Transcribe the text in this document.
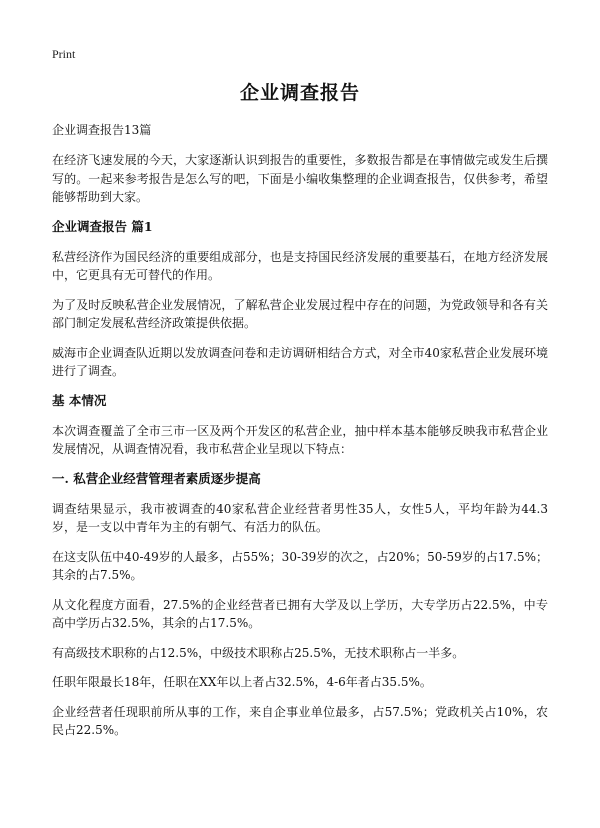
Print
企业调查报告
企业调查报告13篇

在经济飞速发展的今天，大家逐渐认识到报告的重要性，多数报告都是在事情做完或发生后撰写的。一起来参考报告是怎么写的吧，下面是小编收集整理的企业调查报告，仅供参考，希望能够帮助到大家。

企业调查报告 篇1

私营经济作为国民经济的重要组成部分，也是支持国民经济发展的重要基石，在地方经济发展中，它更具有无可替代的作用。

为了及时反映私营企业发展情况，了解私营企业发展过程中存在的问题，为党政领导和各有关部门制定发展私营经济政策提供依据。

威海市企业调查队近期以发放调查问卷和走访调研相结合方式，对全市40家私营企业发展环境进行了调查。

基 本情况

本次调查覆盖了全市三市一区及两个开发区的私营企业，抽中样本基本能够反映我市私营企业发展情况，从调查情况看，我市私营企业呈现以下特点：

一. 私营企业经营管理者素质逐步提高

调查结果显示，我市被调查的40家私营企业经营者男性35人，女性5人，平均年龄为44.3岁，是一支以中青年为主的有朝气、有活力的队伍。

在这支队伍中40-49岁的人最多，占55%；30-39岁的次之，占20%；50-59岁的占17.5%；其余的占7.5%。

从文化程度方面看，27.5%的企业经营者已拥有大学及以上学历，大专学历占22.5%，中专高中学历占32.5%，其余的占17.5%。

有高级技术职称的占12.5%，中级技术职称占25.5%，无技术职称占一半多。

任职年限最长18年，任职在XX年以上者占32.5%，4-6年者占35.5%。

企业经营者任现职前所从事的工作，来自企事业单位最多，占57.5%；党政机关占10%，农民占22.5%。
